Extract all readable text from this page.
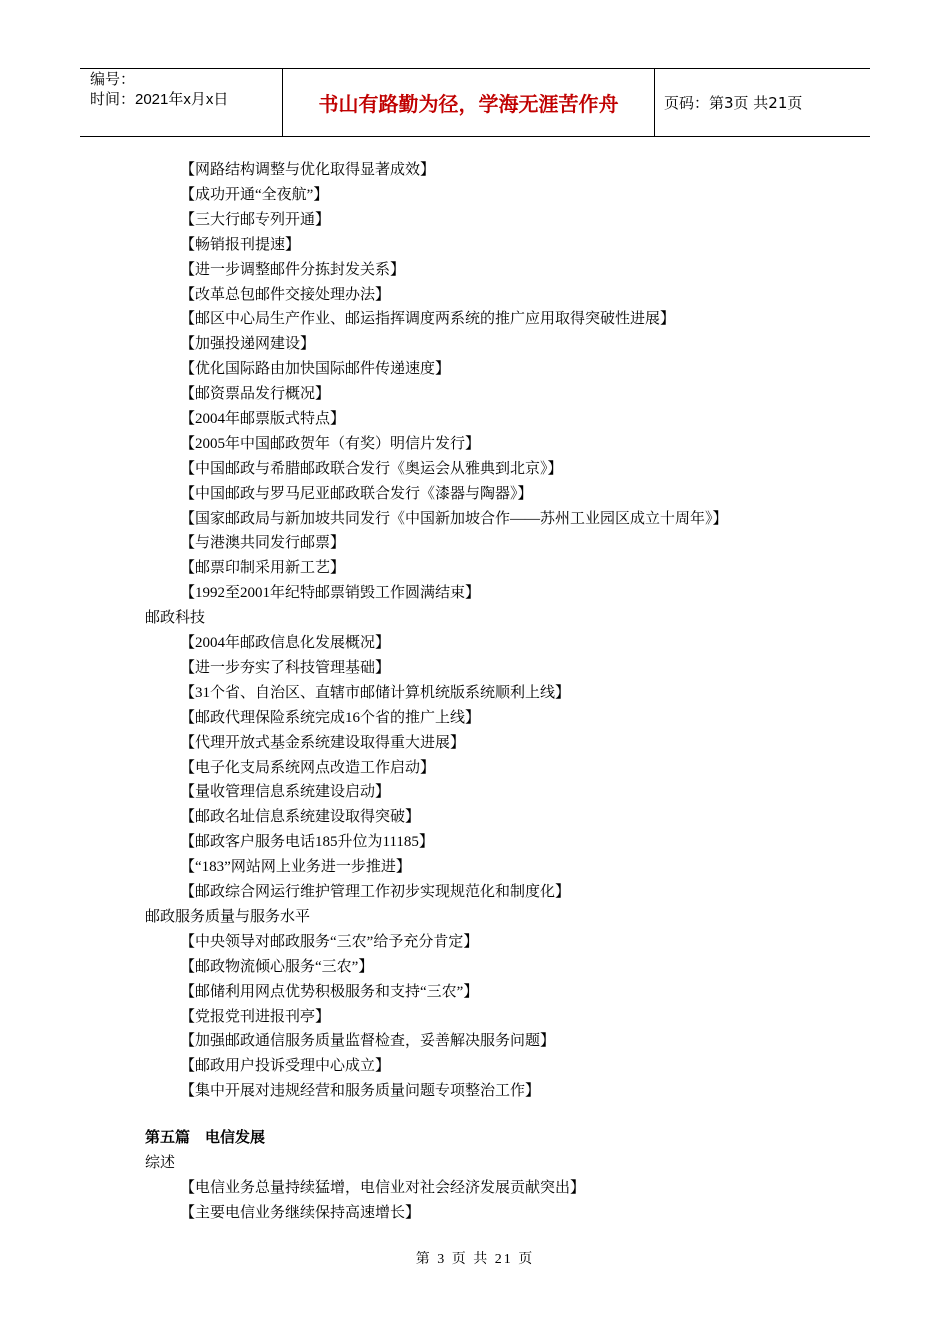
编号：
时间：2021年x月x日	书山有路勤为径，学海无涯苦作舟	页码：第3页 共21页
【网路结构调整与优化取得显著成效】
【成功开通“全夜航”】
【三大行邮专列开通】
【畅销报刊提速】
【进一步调整邮件分拣封发关系】
【改革总包邮件交接处理办法】
【邮区中心局生产作业、邮运指挥调度两系统的推广应用取得突破性进展】
【加强投递网建设】
【优化国际路由加快国际邮件传递速度】
【邮资票品发行概况】
【2004年邮票版式特点】
【2005年中国邮政贺年（有奖）明信片发行】
【中国邮政与希腊邮政联合发行《奥运会从雅典到北京》】
【中国邮政与罗马尼亚邮政联合发行《漆器与陶器》】
【国家邮政局与新加坡共同发行《中国新加坡合作——苏州工业园区成立十周年》】
【与港澳共同发行邮票】
【邮票印制采用新工艺】
【1992至2001年纪特邮票销毁工作圆满结束】
邮政科技
【2004年邮政信息化发展概况】
【进一步夯实了科技管理基础】
【31个省、自治区、直辖市邮储计算机统版系统顺利上线】
【邮政代理保险系统完成16个省的推广上线】
【代理开放式基金系统建设取得重大进展】
【电子化支局系统网点改造工作启动】
【量收管理信息系统建设启动】
【邮政名址信息系统建设取得突破】
【邮政客户服务电话185升位为11185】
【“183”网站网上业务进一步推进】
【邮政综合网运行维护管理工作初步实现规范化和制度化】
邮政服务质量与服务水平
【中央领导对邮政服务“三农”给予充分肯定】
【邮政物流倾心服务“三农”】
【邮储利用网点优势积极服务和支持“三农”】
【党报党刊进报刊亭】
【加强邮政通信服务质量监督检查，妥善解决服务问题】
【邮政用户投诉受理中心成立】
【集中开展对违规经营和服务质量问题专项整治工作】
第五篇　电信发展
综述
【电信业务总量持续猛增，电信业对社会经济发展贡献突出】
【主要电信业务继续保持高速增长】
第 3 页 共 21 页
